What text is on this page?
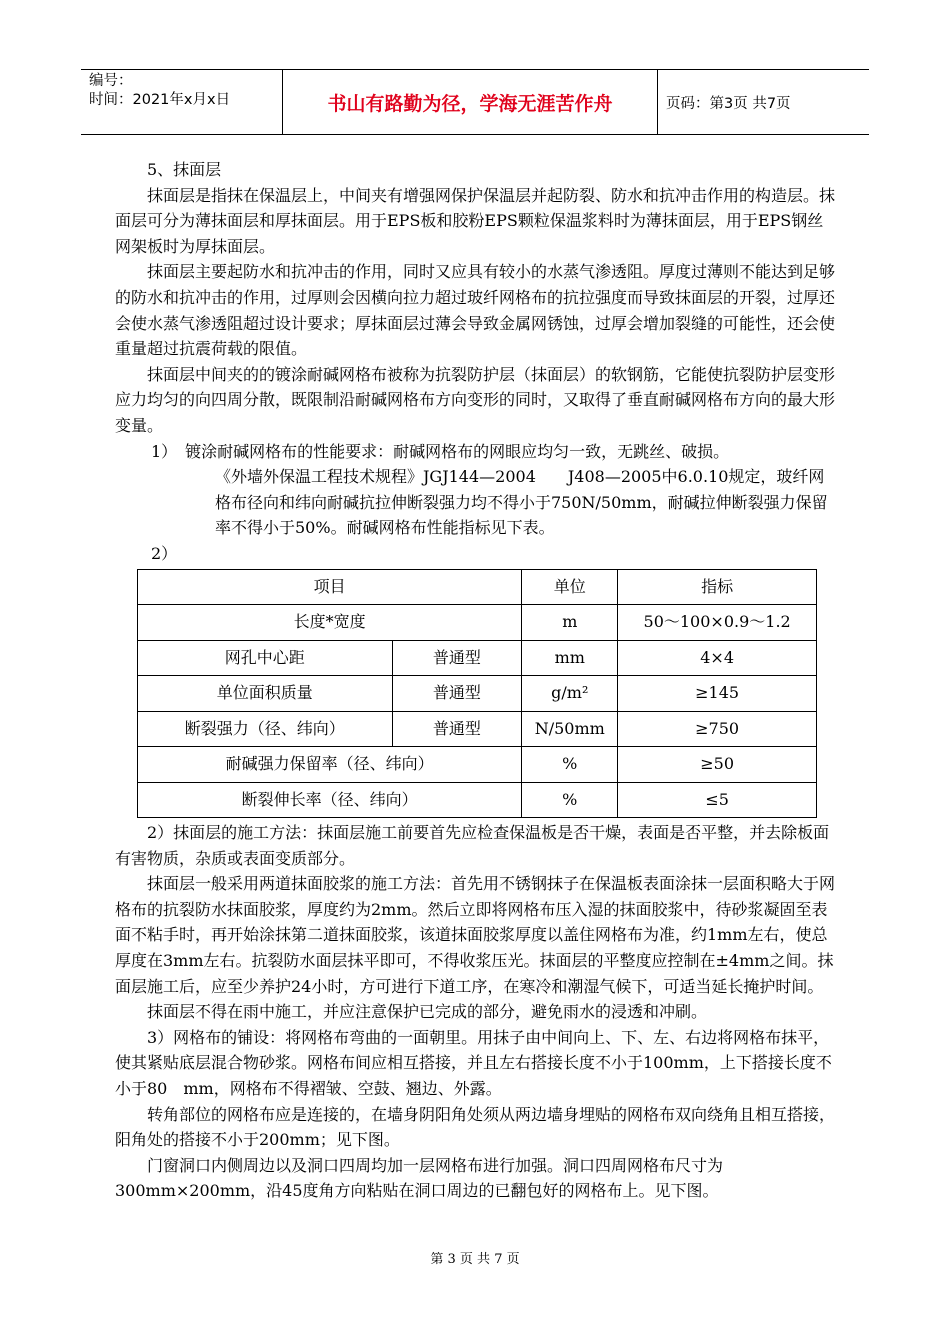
编号：
时间：2021年x月x日	书山有路勤为径，学海无涯苦作舟	页码：第3页 共7页

5、抹面层

抹面层是指抹在保温层上，中间夹有增强网保护保温层并起防裂、防水和抗冲击作用的构造层。抹面层可分为薄抹面层和厚抹面层。用于EPS板和胶粉EPS颗粒保温浆料时为薄抹面层，用于EPS钢丝网架板时为厚抹面层。

抹面层主要起防水和抗冲击的作用，同时又应具有较小的水蒸气渗透阻。厚度过薄则不能达到足够的防水和抗冲击的作用，过厚则会因横向拉力超过玻纤网格布的抗拉强度而导致抹面层的开裂，过厚还会使水蒸气渗透阻超过设计要求；厚抹面层过薄会导致金属网锈蚀，过厚会增加裂缝的可能性，还会使重量超过抗震荷载的限值。

抹面层中间夹的的镀涂耐碱网格布被称为抗裂防护层（抹面层）的软钢筋，它能使抗裂防护层变形应力均匀的向四周分散，既限制沿耐碱网格布方向变形的同时，又取得了垂直耐碱网格布方向的最大形变量。

1）　镀涂耐碱网格布的性能要求：耐碱网格布的网眼应均匀一致，无跳丝、破损。

《外墙外保温工程技术规程》JGJ144—2004　　J408—2005中6.0.10规定，玻纤网格布径向和纬向耐碱抗拉伸断裂强力均不得小于750N/50mm，耐碱拉伸断裂强力保留率不得小于50%。耐碱网格布性能指标见下表。

2）

项目		单位	指标
长度*宽度		m	50～100×0.9～1.2
网孔中心距	普通型	mm	4×4
单位面积质量	普通型	g/m²	≥145
断裂强力（径、纬向）	普通型	N/50mm	≥750
耐碱强力保留率（径、纬向）		%	≥50
断裂伸长率（径、纬向）		%	≤5

2）抹面层的施工方法：抹面层施工前要首先应检查保温板是否干燥，表面是否平整，并去除板面有害物质，杂质或表面变质部分。

抹面层一般采用两道抹面胶浆的施工方法：首先用不锈钢抹子在保温板表面涂抹一层面积略大于网格布的抗裂防水抹面胶浆，厚度约为2mm。然后立即将网格布压入湿的抹面胶浆中，待砂浆凝固至表面不粘手时，再开始涂抹第二道抹面胶浆，该道抹面胶浆厚度以盖住网格布为准，约1mm左右，使总厚度在3mm左右。抗裂防水面层抹平即可，不得收浆压光。抹面层的平整度应控制在±4mm之间。抹面层施工后，应至少养护24小时，方可进行下道工序，在寒冷和潮湿气候下，可适当延长掩护时间。

抹面层不得在雨中施工，并应注意保护已完成的部分，避免雨水的浸透和冲刷。

3）网格布的铺设：将网格布弯曲的一面朝里。用抹子由中间向上、下、左、右边将网格布抹平，使其紧贴底层混合物砂浆。网格布间应相互搭接，并且左右搭接长度不小于100mm，上下搭接长度不小于80　mm，网格布不得褶皱、空鼓、翘边、外露。

转角部位的网格布应是连接的，在墙身阴阳角处须从两边墙身埋贴的网格布双向绕角且相互搭接，阳角处的搭接不小于200mm；见下图。

门窗洞口内侧周边以及洞口四周均加一层网格布进行加强。洞口四周网格布尺寸为300mm×200mm，沿45度角方向粘贴在洞口周边的已翻包好的网格布上。见下图。

第 3 页 共 7 页
